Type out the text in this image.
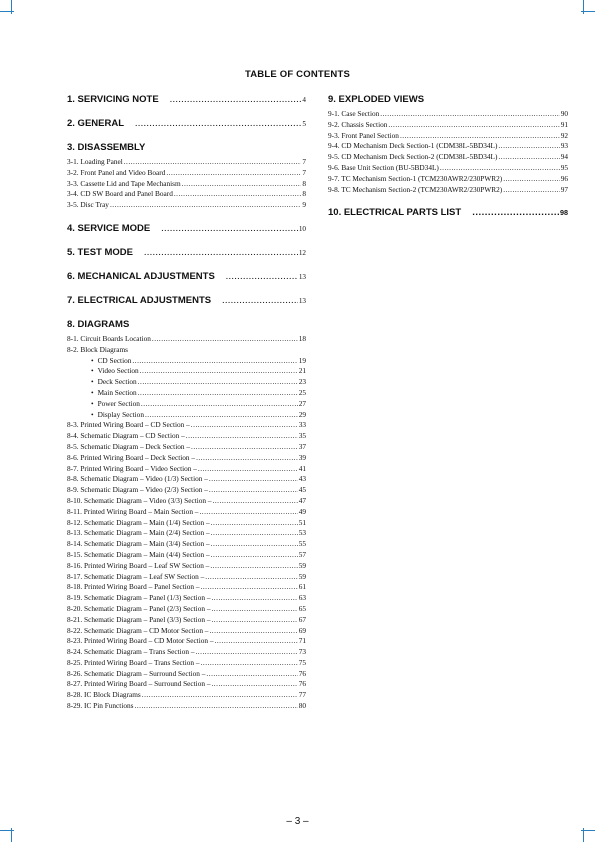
TABLE OF CONTENTS
1. SERVICING NOTE .....	4
2. GENERAL .....	5
3. DISASSEMBLY
3-1. Loading Panel .....	7
3-2. Front Panel and Video Board .....	7
3-3. Cassette Lid and Tape Mechanism .....	8
3-4. CD SW Board and Panel Board .....	8
3-5. Disc Tray .....	9
4. SERVICE MODE .....	10
5. TEST MODE .....	12
6. MECHANICAL ADJUSTMENTS .....	13
7. ELECTRICAL ADJUSTMENTS .....	13
8. DIAGRAMS
8-1. Circuit Boards Location .....	18
8-2. Block Diagrams
• CD Section .....	19
• Video Section .....	21
• Deck Section .....	23
• Main Section .....	25
• Power Section .....	27
• Display Section .....	29
8-3. Printed Wiring Board – CD Section – .....	33
8-4. Schematic Diagram – CD Section – .....	35
8-5. Schematic Diagram – Deck Section – .....	37
8-6. Printed Wiring Board – Deck Section – .....	39
8-7. Printed Wiring Board – Video Section – .....	41
8-8. Schematic Diagram – Video (1/3) Section – .....	43
8-9. Schematic Diagram – Video (2/3) Section – .....	45
8-10. Schematic Diagram – Video (3/3) Section – .....	47
8-11. Printed Wiring Board – Main Section – .....	49
8-12. Schematic Diagram – Main (1/4) Section – .....	51
8-13. Schematic Diagram – Main (2/4) Section – .....	53
8-14. Schematic Diagram – Main (3/4) Section – .....	55
8-15. Schematic Diagram – Main (4/4) Section – .....	57
8-16. Printed Wiring Board – Leaf SW Section – .....	59
8-17. Schematic Diagram – Leaf SW Section – .....	59
8-18. Printed Wiring Board – Panel Section – .....	61
8-19. Schematic Diagram – Panel (1/3) Section – .....	63
8-20. Schematic Diagram – Panel (2/3) Section – .....	65
8-21. Schematic Diagram – Panel (3/3) Section – .....	67
8-22. Schematic Diagram – CD Motor Section – .....	69
8-23. Printed Wiring Board – CD Motor Section – .....	71
8-24. Schematic Diagram – Trans Section – .....	73
8-25. Printed Wiring Board – Trans Section – .....	75
8-26. Schematic Diagram – Surround Section – .....	76
8-27. Printed Wiring Board – Surround Section – .....	76
8-28. IC Block Diagrams .....	77
8-29. IC Pin Functions .....	80
9. EXPLODED VIEWS
9-1. Case Section .....	90
9-2. Chassis Section .....	91
9-3. Front Panel Section .....	92
9-4. CD Mechanism Deck Section-1 (CDM38L-5BD34L) .....	93
9-5. CD Mechanism Deck Section-2 (CDM38L-5BD34L) .....	94
9-6. Base Unit Section (BU-5BD34L) .....	95
9-7. TC Mechanism Section-1 (TCM230AWR2/230PWR2) .....	96
9-8. TC Mechanism Section-2 (TCM230AWR2/230PWR2) .....	97
10. ELECTRICAL PARTS LIST .....	98
– 3 –
